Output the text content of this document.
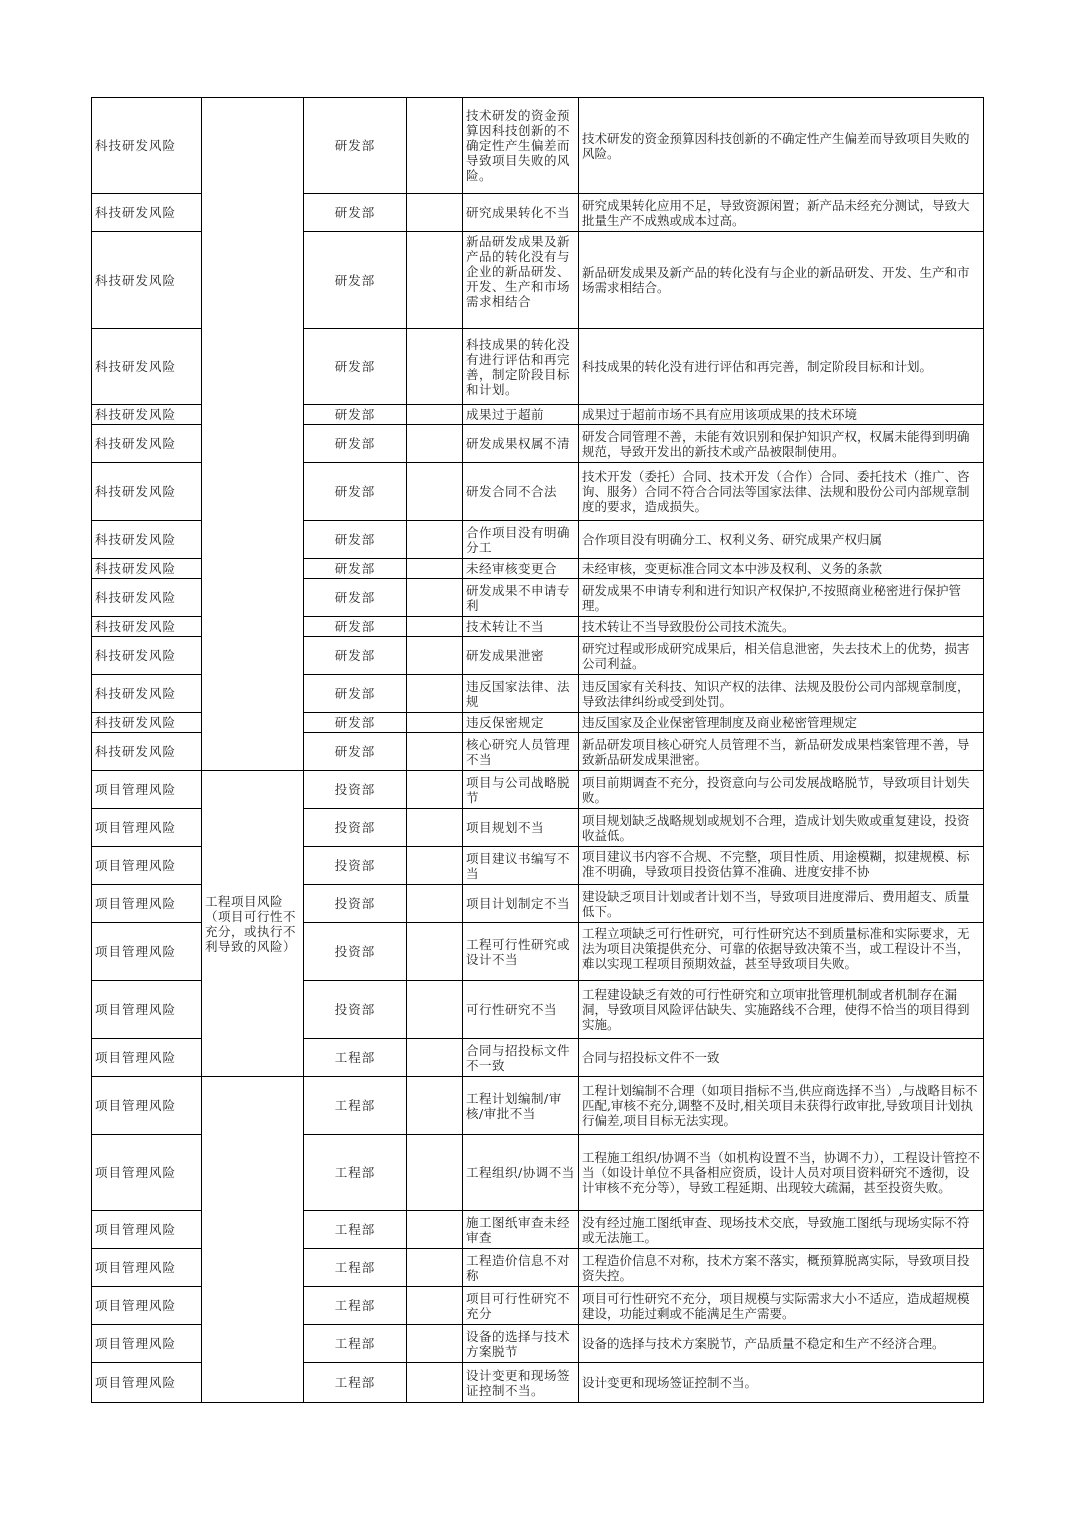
科技研发风险		研发部		技术研发的资金预算因科技创新的不确定性产生偏差而导致项目失败的风险。	技术研发的资金预算因科技创新的不确定性产生偏差而导致项目失败的风险。
科技研发风险		研发部		研究成果转化不当	研究成果转化应用不足，导致资源闲置；新产品未经充分测试，导致大批量生产不成熟或成本过高。
科技研发风险		研发部		新品研发成果及新产品的转化没有与企业的新品研发、开发、生产和市场需求相结合	新品研发成果及新产品的转化没有与企业的新品研发、开发、生产和市场需求相结合。
科技研发风险		研发部		科技成果的转化没有进行评估和再完善，制定阶段目标和计划。	科技成果的转化没有进行评估和再完善，制定阶段目标和计划。
科技研发风险		研发部		成果过于超前	成果过于超前市场不具有应用该项成果的技术环境
科技研发风险		研发部		研发成果权属不清	研发合同管理不善，未能有效识别和保护知识产权，权属未能得到明确规范，导致开发出的新技术或产品被限制使用。
科技研发风险		研发部		研发合同不合法	技术开发（委托）合同、技术开发（合作）合同、委托技术（推广、咨询、服务）合同不符合合同法等国家法律、法规和股份公司内部规章制度的要求，造成损失。
科技研发风险		研发部		合作项目没有明确分工	合作项目没有明确分工、权利义务、研究成果产权归属
科技研发风险		研发部		未经审核变更合	未经审核，变更标准合同文本中涉及权利、义务的条款
科技研发风险		研发部		研发成果不申请专利	研发成果不申请专利和进行知识产权保护,不按照商业秘密进行保护管理。
科技研发风险		研发部		技术转让不当	技术转让不当导致股份公司技术流失。
科技研发风险		研发部		研发成果泄密	研究过程或形成研究成果后，相关信息泄密，失去技术上的优势，损害公司利益。
科技研发风险		研发部		违反国家法律、法规	违反国家有关科技、知识产权的法律、法规及股份公司内部规章制度，导致法律纠纷或受到处罚。
科技研发风险		研发部		违反保密规定	违反国家及企业保密管理制度及商业秘密管理规定
科技研发风险		研发部		核心研究人员管理不当	新品研发项目核心研究人员管理不当，新品研发成果档案管理不善，导致新品研发成果泄密。
项目管理风险	工程项目风险（项目可行性不充分，或执行不利导致的风险）	投资部		项目与公司战略脱节	项目前期调查不充分，投资意向与公司发展战略脱节，导致项目计划失败。
项目管理风险		投资部		项目规划不当	项目规划缺乏战略规划或规划不合理，造成计划失败或重复建设，投资收益低。
项目管理风险		投资部		项目建议书编写不当	项目建议书内容不合规、不完整，项目性质、用途模糊，拟建规模、标准不明确，导致项目投资估算不准确、进度安排不协

项目管理风险		投资部		项目计划制定不当	建设缺乏项目计划或者计划不当，导致项目进度滞后、费用超支、质量低下。
项目管理风险		投资部		工程可行性研究或设计不当	工程立项缺乏可行性研究，可行性研究达不到质量标准和实际要求，无法为项目决策提供充分、可靠的依据导致决策不当，或工程设计不当，难以实现工程项目预期效益，甚至导致项目失败。

项目管理风险		投资部		可行性研究不当	工程建设缺乏有效的可行性研究和立项审批管理机制或者机制存在漏洞，导致项目风险评估缺失、实施路线不合理，使得不恰当的项目得到实施。
项目管理风险		工程部		合同与招投标文件不一致	合同与招投标文件不一致
项目管理风险		工程部		工程计划编制/审核/审批不当	工程计划编制不合理（如项目指标不当,供应商选择不当）,与战略目标不匹配,审核不充分,调整不及时,相关项目未获得行政审批,导致项目计划执行偏差,项目目标无法实现。
项目管理风险		工程部		工程组织/协调不当	工程施工组织/协调不当（如机构设置不当，协调不力），工程设计管控不当（如设计单位不具备相应资质，设计人员对项目资料研究不透彻，设计审核不充分等），导致工程延期、出现较大疏漏，甚至投资失败。
项目管理风险		工程部		施工图纸审查未经审查	没有经过施工图纸审查、现场技术交底，导致施工图纸与现场实际不符或无法施工。
项目管理风险		工程部		工程造价信息不对称	工程造价信息不对称，技术方案不落实，概预算脱离实际，导致项目投资失控。
项目管理风险		工程部		项目可行性研究不充分	项目可行性研究不充分，项目规模与实际需求大小不适应，造成超规模建设，功能过剩或不能满足生产需要。
项目管理风险		工程部		设备的选择与技术方案脱节	设备的选择与技术方案脱节，产品质量不稳定和生产不经济合理。
项目管理风险		工程部		设计变更和现场签证控制不当。	设计变更和现场签证控制不当。
